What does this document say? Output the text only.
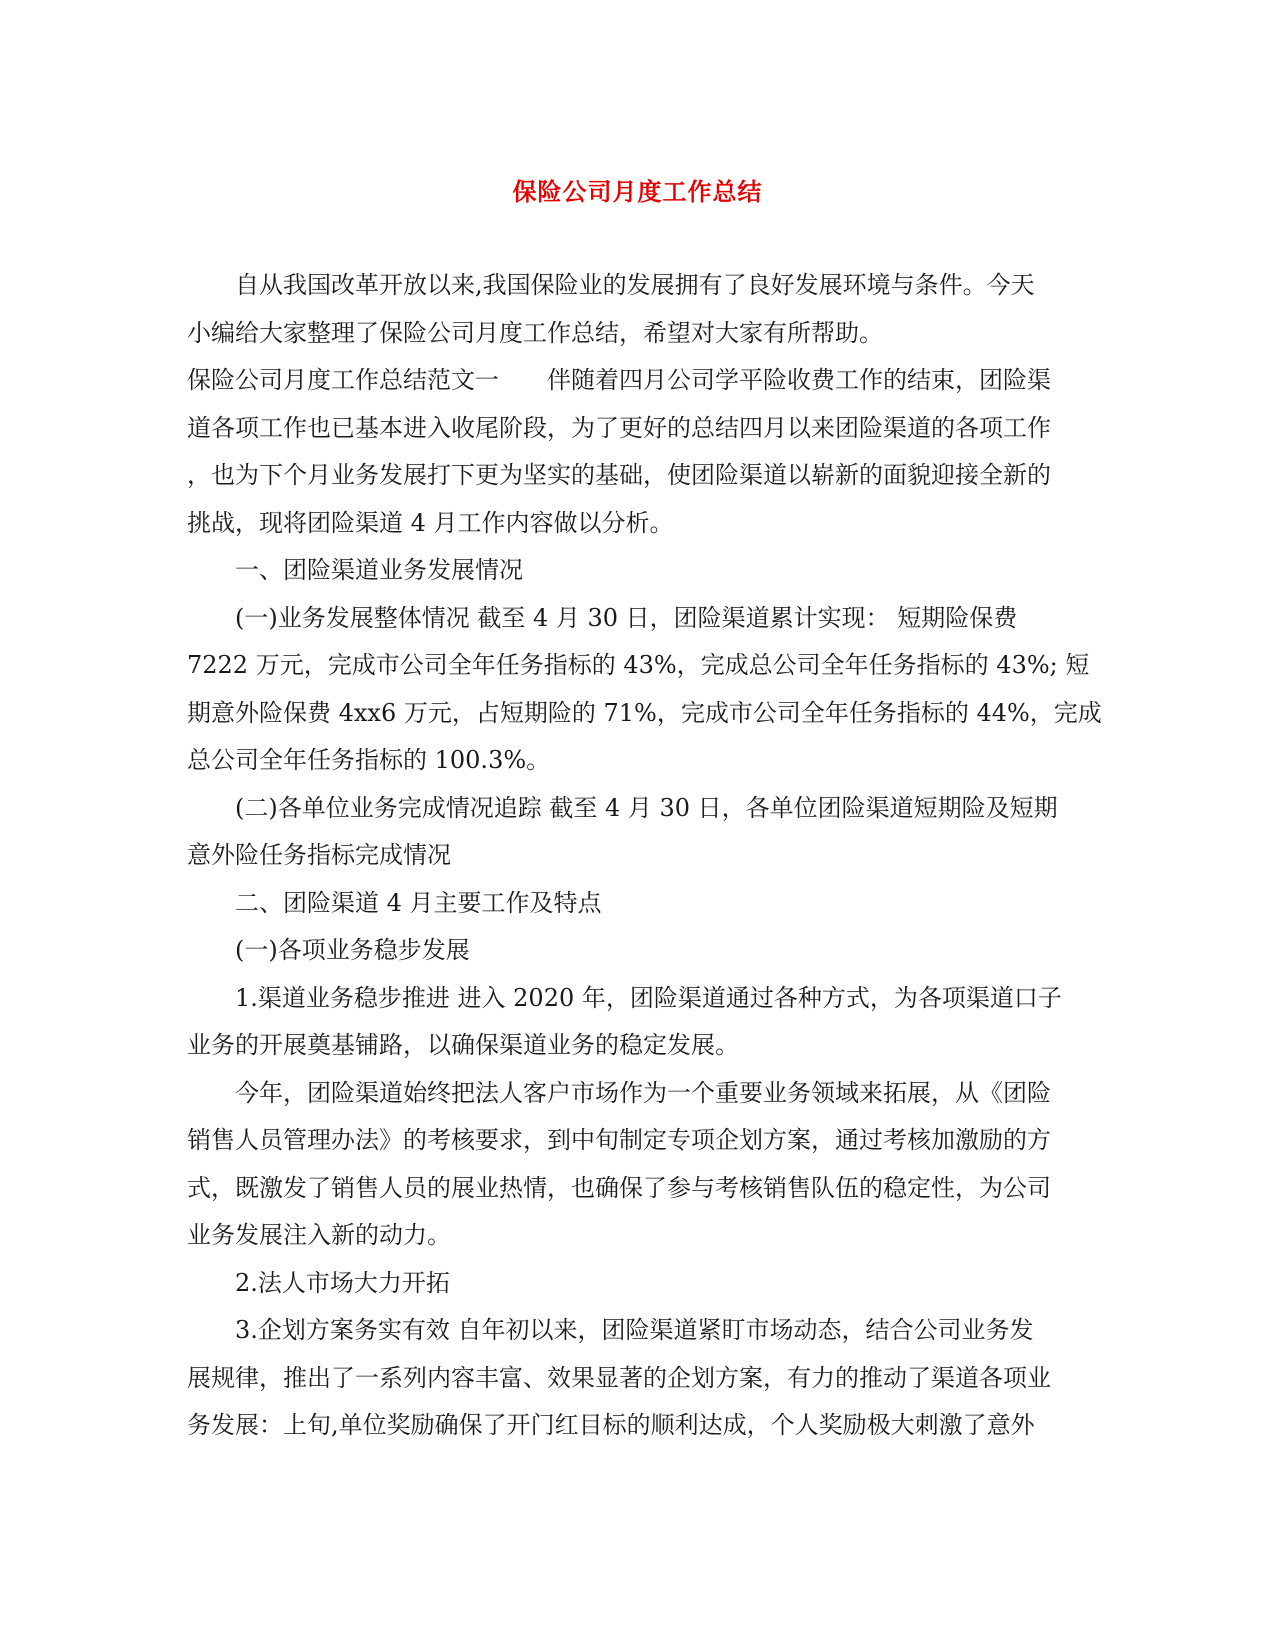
保险公司月度工作总结

　　自从我国改革开放以来,我国保险业的发展拥有了良好发展环境与条件。今天

小编给大家整理了保险公司月度工作总结，希望对大家有所帮助。

保险公司月度工作总结范文一　　伴随着四月公司学平险收费工作的结束，团险渠

道各项工作也已基本进入收尾阶段，为了更好的总结四月以来团险渠道的各项工作

，也为下个月业务发展打下更为坚实的基础，使团险渠道以崭新的面貌迎接全新的

挑战，现将团险渠道 4 月工作内容做以分析。

　　一、团险渠道业务发展情况

　　(一)业务发展整体情况 截至 4 月 30 日，团险渠道累计实现： 短期险保费

7222 万元，完成市公司全年任务指标的 43%，完成总公司全年任务指标的 43%; 短

期意外险保费 4xx6 万元，占短期险的 71%，完成市公司全年任务指标的 44%，完成

总公司全年任务指标的 100.3%。

　　(二)各单位业务完成情况追踪 截至 4 月 30 日，各单位团险渠道短期险及短期

意外险任务指标完成情况

　　二、团险渠道 4 月主要工作及特点

　　(一)各项业务稳步发展

　　1.渠道业务稳步推进 进入 2020 年，团险渠道通过各种方式，为各项渠道口子

业务的开展奠基铺路，以确保渠道业务的稳定发展。

　　今年，团险渠道始终把法人客户市场作为一个重要业务领域来拓展，从《团险

销售人员管理办法》的考核要求，到中旬制定专项企划方案，通过考核加激励的方

式，既激发了销售人员的展业热情，也确保了参与考核销售队伍的稳定性，为公司

业务发展注入新的动力。

　　2.法人市场大力开拓

　　3.企划方案务实有效 自年初以来，团险渠道紧盯市场动态，结合公司业务发

展规律，推出了一系列内容丰富、效果显著的企划方案，有力的推动了渠道各项业

务发展：上旬,单位奖励确保了开门红目标的顺利达成，个人奖励极大刺激了意外
